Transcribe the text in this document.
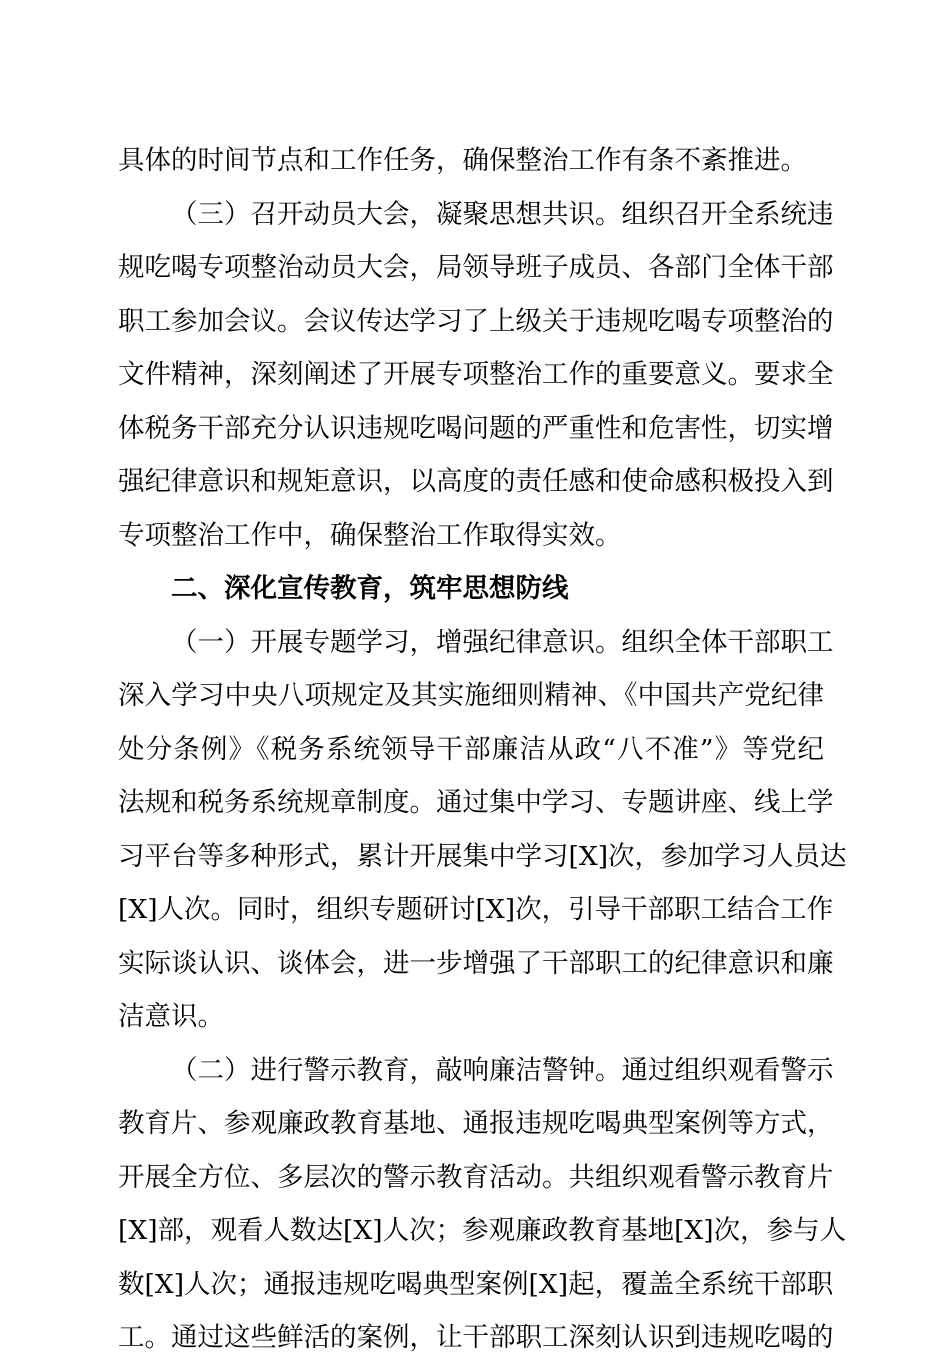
具体的时间节点和工作任务，确保整治工作有条不紊推进。
（三）召开动员大会，凝聚思想共识。组织召开全系统违
规吃喝专项整治动员大会，局领导班子成员、各部门全体干部
职工参加会议。会议传达学习了上级关于违规吃喝专项整治的
文件精神，深刻阐述了开展专项整治工作的重要意义。要求全
体税务干部充分认识违规吃喝问题的严重性和危害性，切实增
强纪律意识和规矩意识，以高度的责任感和使命感积极投入到
专项整治工作中，确保整治工作取得实效。
二、深化宣传教育，筑牢思想防线
（一）开展专题学习，增强纪律意识。组织全体干部职工
深入学习中央八项规定及其实施细则精神、《中国共产党纪律
处分条例》《税务系统领导干部廉洁从政“八不准”》等党纪
法规和税务系统规章制度。通过集中学习、专题讲座、线上学
习平台等多种形式，累计开展集中学习[X]次，参加学习人员达
[X]人次。同时，组织专题研讨[X]次，引导干部职工结合工作
实际谈认识、谈体会，进一步增强了干部职工的纪律意识和廉
洁意识。
（二）进行警示教育，敲响廉洁警钟。通过组织观看警示
教育片、参观廉政教育基地、通报违规吃喝典型案例等方式，
开展全方位、多层次的警示教育活动。共组织观看警示教育片
[X]部，观看人数达[X]人次；参观廉政教育基地[X]次，参与人
数[X]人次；通报违规吃喝典型案例[X]起，覆盖全系统干部职
工。通过这些鲜活的案例，让干部职工深刻认识到违规吃喝的
